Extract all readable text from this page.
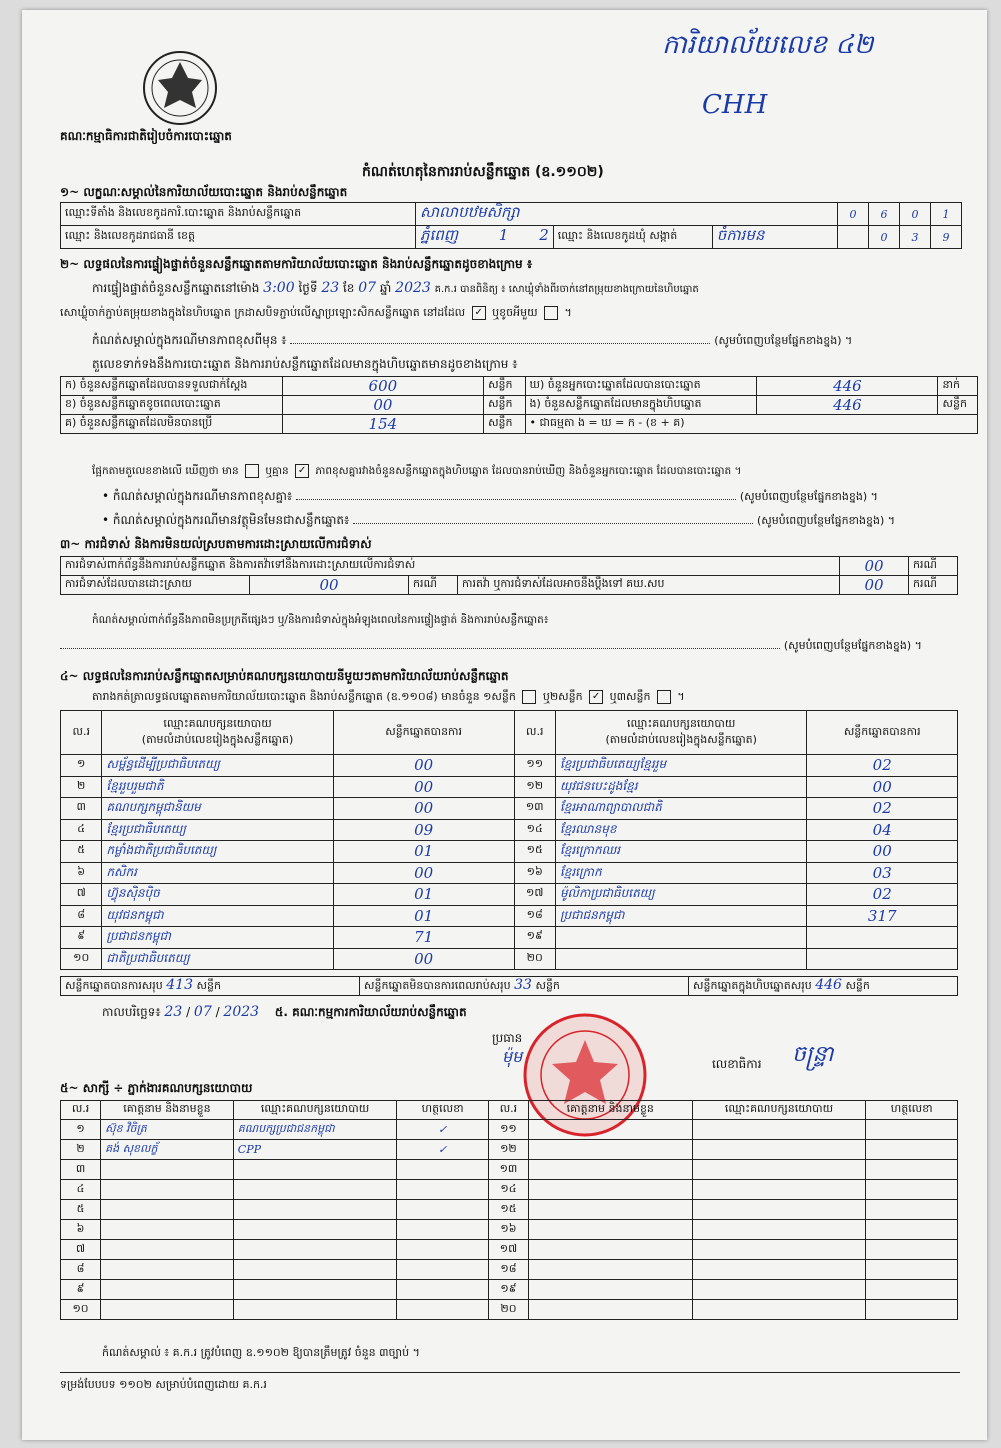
ការិយាល័យលេខ ៤២
CHH
គណៈកម្មាធិការជាតិរៀបចំការបោះឆ្នោត
កំណត់ហេតុនៃការរាប់សន្លឹកឆ្នោត (ឧ.១១០២)
១~ លក្ខណៈសម្គាល់នៃការិយាល័យបោះឆ្នោត និងរាប់សន្លឹកឆ្នោត
ឈ្មោះទីតាំង និងលេខកូដការិ.បោះឆ្នោត និងរាប់សន្លឹកឆ្នោត	សាលាបឋមសិក្សា			0	6	0	1
ឈ្មោះ និងលេខកូដរាជធានី ខេត្ត	ភ្នំពេញ 1 2	ឈ្មោះ និងលេខកូដឃុំ សង្កាត់	ចំការមន		0	3	9
២~ លទ្ធផលនៃការផ្ទៀងផ្ទាត់ចំនួនសន្លឹកឆ្នោតតាមការិយាល័យបោះឆ្នោត និងរាប់សន្លឹកឆ្នោតដូចខាងក្រោម ៖
ការផ្ទៀងផ្ទាត់ចំនួនសន្លឹកឆ្នោតនៅម៉ោង 3:00 ថ្ងៃទី 23 ខែ 07 ឆ្នាំ 2023 គ.ក.រ បានពិនិត្យ ៖ សោឃ្លុំទាំងពីរចាក់នៅតម្រុយខាងក្រោយនៃហិបឆ្នោត
សោឃ្លុំចាក់ភ្ជាប់តម្រុយខាងក្នុងនៃហិបឆ្នោត ក្រដាសបិទភ្ជាប់លើស្នាប្រឡោះសិកសន្លឹកឆ្នោត នៅដដែល ✓ ឬខូចអីមួយ  ។
កំណត់សម្គាល់ក្នុងករណីមានភាពខុសពីមុន ៖	(សូមបំពេញបន្ថែមផ្នែកខាងខ្នង) ។
តួលេខទាក់ទងនឹងការបោះឆ្នោត និងការរាប់សន្លឹកឆ្នោតដែលមានក្នុងហិបឆ្នោតមានដូចខាងក្រោម ៖
ក) ចំនួនសន្លឹកឆ្នោតដែលបានទទួលជាក់ស្តែង	600	សន្លឹក	ឃ) ចំនួនអ្នកបោះឆ្នោតដែលបានបោះឆ្នោត	446	នាក់
ខ) ចំនួនសន្លឹកឆ្នោតខូចពេលបោះឆ្នោត	00	សន្លឹក	ង) ចំនួនសន្លឹកឆ្នោតដែលមានក្នុងហិបឆ្នោត	446	សន្លឹក
គ) ចំនួនសន្លឹកឆ្នោតដែលមិនបានប្រើ	154	សន្លឹក	• ជាធម្មតា ង = ឃ = ក - (ខ + គ)		
ផ្អែកតាមតួលេខខាងលើ ឃើញថា មាន	ឬគ្មាន ✓ ភាពខុសគ្នារវាងចំនួនសន្លឹកឆ្នោតក្នុងហិបឆ្នោត ដែលបានរាប់ឃើញ និងចំនួនអ្នកបោះឆ្នោត ដែលបានបោះឆ្នោត ។
• កំណត់សម្គាល់ក្នុងករណីមានភាពខុសគ្នា៖	(សូមបំពេញបន្ថែមផ្នែកខាងខ្នង) ។
• កំណត់សម្គាល់ក្នុងករណីមានវត្ថុមិនមែនជាសន្លឹកឆ្នោត៖	(សូមបំពេញបន្ថែមផ្នែកខាងខ្នង) ។
៣~ ការជំទាស់ និងការមិនយល់ស្របតាមការដោះស្រាយលើការជំទាស់
ការជំទាស់ពាក់ព័ន្ធនឹងការរាប់សន្លឹកឆ្នោត និងការតវ៉ាទៅនឹងការដោះស្រាយលើការជំទាស់				00	ករណី
ការជំទាស់ដែលបានដោះស្រាយ	00	ករណី	ការតវ៉ា ឬការជំទាស់ដែលអាចនឹងប្តឹងទៅ គឃ.សប	00	ករណី
កំណត់សម្គាល់ពាក់ព័ន្ធនឹងភាពមិនប្រក្រតីផ្សេងៗ ឬ/និងការជំទាស់ក្នុងអំឡុងពេលនៃការផ្ទៀងផ្ទាត់ និងការរាប់សន្លឹកឆ្នោត៖
(សូមបំពេញបន្ថែមផ្នែកខាងខ្នង) ។
៤~ លទ្ធផលនៃការរាប់សន្លឹកឆ្នោតសម្រាប់គណបក្សនយោបាយនីមួយៗតាមការិយាល័យរាប់សន្លឹកឆ្នោត
តារាងកត់ត្រាលទ្ធផលឆ្នោតតាមការិយាល័យបោះឆ្នោត និងរាប់សន្លឹកឆ្នោត (ឧ.១១០៨) មានចំនួន ១សន្លឹក ឬ២សន្លឹក ✓ ឬ៣សន្លឹក  ។
ល.រ	ឈ្មោះគណបក្សនយោបាយ
(តាមលំដាប់លេខរៀងក្នុងសន្លឹកឆ្នោត)	សន្លឹកឆ្នោតបានការ	ល.រ	ឈ្មោះគណបក្សនយោបាយ
(តាមលំដាប់លេខរៀងក្នុងសន្លឹកឆ្នោត)	សន្លឹកឆ្នោតបានការ
១	សម្ព័ន្ធដើម្បីប្រជាធិបតេយ្យ	00	១១	ខ្មែរប្រជាធិបតេយ្យខ្មែររួម	02
២	ខ្មែររួបរួមជាតិ	00	១២	យុវជនបេះដូងខ្មែរ	00
៣	គណបក្សកម្ពុជានិយម	00	១៣	ខ្មែរអាណាព្យាបាលជាតិ	02
៤	ខ្មែរប្រជាធិបតេយ្យ	09	១៤	ខ្មែរឈានមុខ	04
៥	កម្លាំងជាតិប្រជាធិបតេយ្យ	01	១៥	ខ្មែរក្រោកឈរ	00
៦	កសិករ	00	១៦	ខ្មែរក្រោក	03
៧	ហ៊្វុនស៊ិនប៉ិច	01	១៧	ម៉ូលិកាប្រជាធិបតេយ្យ	02
៨	យុវជនកម្ពុជា	01	១៨	ប្រជាជនកម្ពុជា	317
៩	ប្រជាជនកម្ពុជា	71	១៩		
១០	ជាតិប្រជាធិបតេយ្យ	00	២០		
សន្លឹកឆ្នោតបានការសរុប 413 សន្លឹក	សន្លឹកឆ្នោតមិនបានការពេលរាប់សរុប 33 សន្លឹក	សន្លឹកឆ្នោតក្នុងហិបឆ្នោតសរុប 446 សន្លឹក
កាលបរិច្ឆេទ៖ 23 / 07 / 2023 ៥. គណៈកម្មការការិយាល័យរាប់សន្លឹកឆ្នោត
ប្រធាន
ម៉ុម	លេខាធិការ ចន្ទ្រា
៥~ សាក្សី ÷ ភ្នាក់ងារគណបក្សនយោបាយ
ល.រ	គោត្តនាម និងនាមខ្លួន	ឈ្មោះគណបក្សនយោបាយ	ហត្ថលេខា	ល.រ	គោត្តនាម និងនាមខ្លួន	ឈ្មោះគណបក្សនយោបាយ	ហត្ថលេខា
១	ស៊ុខ វិចិត្រ	គណបក្សប្រជាជនកម្ពុជា	✓	១១			
២	គង់ សុខលក្ខ័	CPP	✓	១២			
៣				១៣			
៤				១៤			
៥				១៥			
៦				១៦			
៧				១៧			
៨				១៨			
៩				១៩			
១០				២០			
កំណត់សម្គាល់ ៖ គ.ក.រ ត្រូវបំពេញ ឧ.១១០២ ឱ្យបានត្រឹមត្រូវ ចំនួន ៣ច្បាប់ ។
ទម្រង់បែបបទ ១១០២ សម្រាប់បំពេញដោយ គ.ក.រ
